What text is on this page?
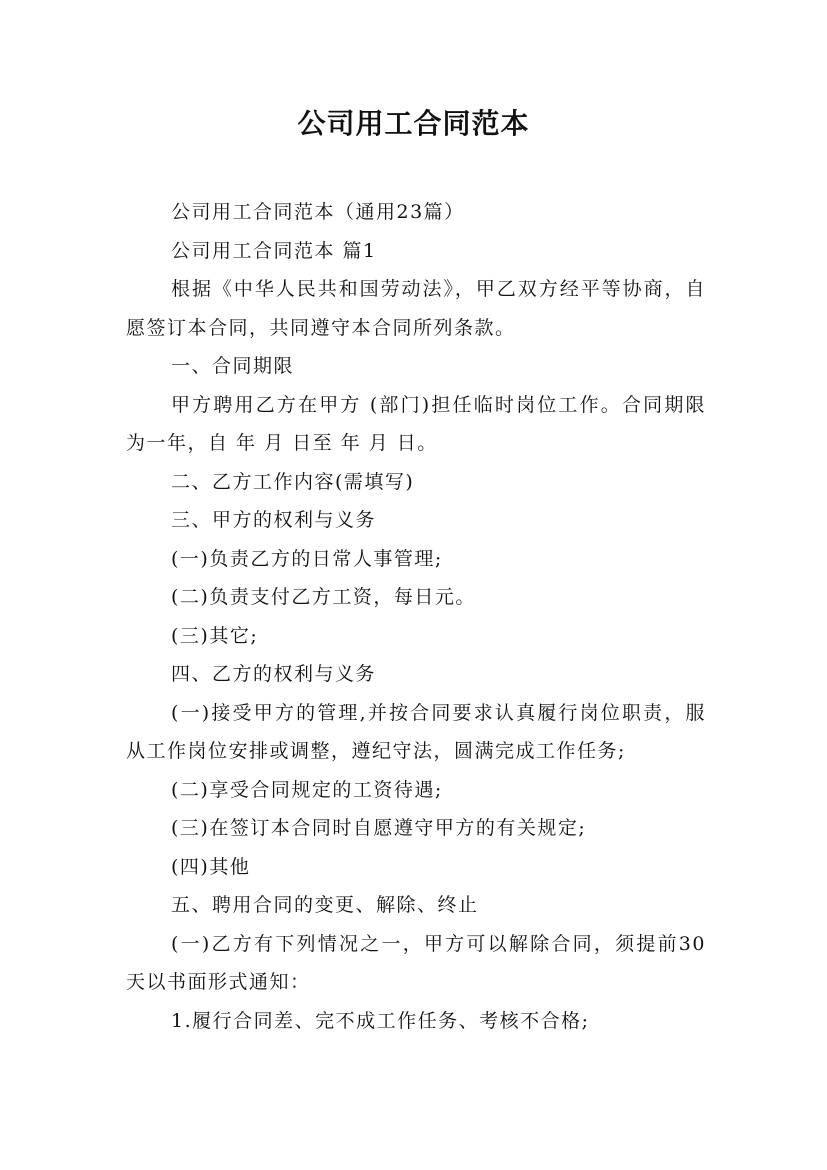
公司用工合同范本

公司用工合同范本（通用23篇）

公司用工合同范本 篇1

根据《中华人民共和国劳动法》，甲乙双方经平等协商，自愿签订本合同，共同遵守本合同所列条款。

一、合同期限

甲方聘用乙方在甲方 (部门)担任临时岗位工作。合同期限为一年，自 年 月 日至 年 月 日。

二、乙方工作内容(需填写)

三、甲方的权利与义务

(一)负责乙方的日常人事管理;

(二)负责支付乙方工资，每日元。

(三)其它;

四、乙方的权利与义务

(一)接受甲方的管理,并按合同要求认真履行岗位职责，服从工作岗位安排或调整，遵纪守法，圆满完成工作任务;

(二)享受合同规定的工资待遇;

(三)在签订本合同时自愿遵守甲方的有关规定;

(四)其他

五、聘用合同的变更、解除、终止

(一)乙方有下列情况之一，甲方可以解除合同，须提前30天以书面形式通知：

1.履行合同差、完不成工作任务、考核不合格;
